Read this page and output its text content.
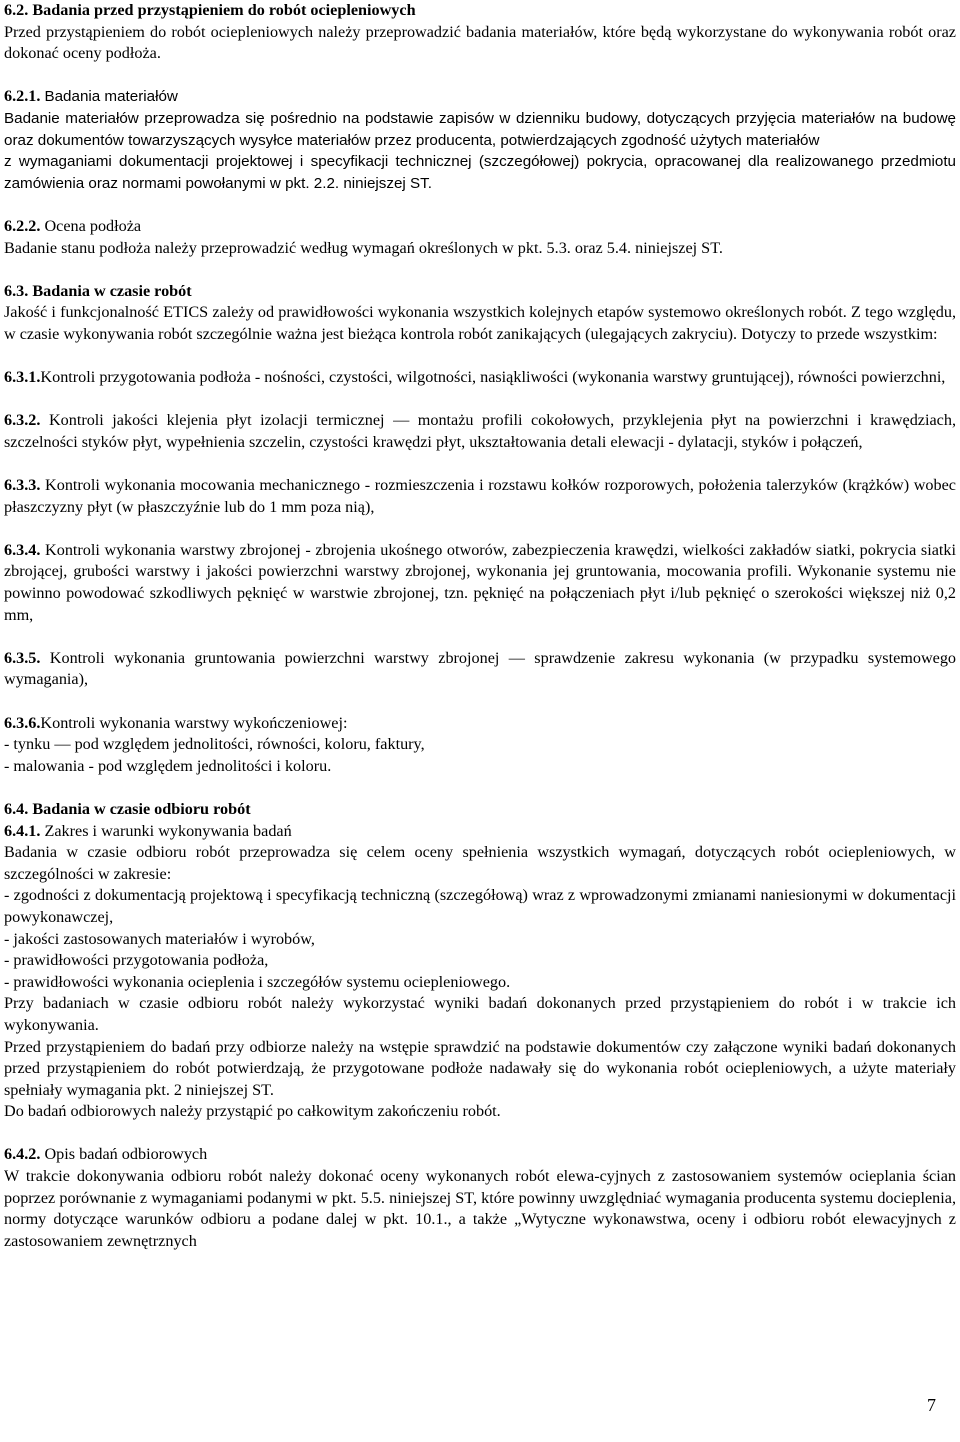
6.2. Badania przed przystąpieniem do robót ociepleniowych

Przed przystąpieniem do robót ociepleniowych należy przeprowadzić badania materiałów, które będą wykorzystane do wykonywania robót oraz dokonać oceny podłoża.

6.2.1. Badania materiałów

Badanie materiałów przeprowadza się pośrednio na podstawie zapisów w dzienniku budowy, dotyczących przyjęcia materiałów na budowę oraz dokumentów towarzyszących wysyłce materiałów przez producenta, potwierdzających zgodność użytych materiałów

z wymaganiami dokumentacji projektowej i specyfikacji technicznej (szczegółowej) pokrycia, opracowanej dla realizowanego przedmiotu zamówienia oraz normami powołanymi w pkt. 2.2. niniejszej ST.

6.2.2. Ocena podłoża

Badanie stanu podłoża należy przeprowadzić według wymagań określonych w pkt. 5.3. oraz 5.4. niniejszej ST.

6.3. Badania w czasie robót

Jakość i funkcjonalność ETICS zależy od prawidłowości wykonania wszystkich kolejnych etapów systemowo określonych robót. Z tego względu, w czasie wykonywania robót szczególnie ważna jest bieżąca kontrola robót zanikających (ulegających zakryciu). Dotyczy to przede wszystkim:

6.3.1.Kontroli przygotowania podłoża - nośności, czystości, wilgotności, nasiąkliwości (wykonania warstwy gruntującej), równości powierzchni,

6.3.2. Kontroli jakości klejenia płyt izolacji termicznej — montażu profili cokołowych, przyklejenia płyt na powierzchni i krawędziach, szczelności styków płyt, wypełnienia szczelin, czystości krawędzi płyt, ukształtowania detali elewacji - dylatacji, styków i połączeń,

6.3.3. Kontroli wykonania mocowania mechanicznego - rozmieszczenia i rozstawu kołków rozporowych, położenia talerzyków (krążków) wobec płaszczyzny płyt (w płaszczyźnie lub do 1 mm poza nią),

6.3.4. Kontroli wykonania warstwy zbrojonej - zbrojenia ukośnego otworów, zabezpieczenia krawędzi, wielkości zakładów siatki, pokrycia siatki zbrojącej, grubości warstwy i jakości powierzchni warstwy zbrojonej, wykonania jej gruntowania, mocowania profili. Wykonanie systemu nie powinno powodować szkodliwych pęknięć w warstwie zbrojonej, tzn. pęknięć na połączeniach płyt i/lub pęknięć o szerokości większej niż 0,2 mm,

6.3.5. Kontroli wykonania gruntowania powierzchni warstwy zbrojonej — sprawdzenie zakresu wykonania (w przypadku systemowego wymagania),

6.3.6.Kontroli wykonania warstwy wykończeniowej:

- tynku — pod względem jednolitości, równości, koloru, faktury,

- malowania - pod względem jednolitości i koloru.

6.4. Badania w czasie odbioru robót

6.4.1. Zakres i warunki wykonywania badań

Badania w czasie odbioru robót przeprowadza się celem oceny spełnienia wszystkich wymagań, dotyczących robót ociepleniowych, w szczególności w zakresie:

- zgodności z dokumentacją projektową i specyfikacją techniczną (szczegółową) wraz z wprowadzonymi zmianami naniesionymi w dokumentacji powykonawczej,

- jakości zastosowanych materiałów i wyrobów,

- prawidłowości przygotowania podłoża,

- prawidłowości wykonania ocieplenia i szczegółów systemu ociepleniowego.

Przy badaniach w czasie odbioru robót należy wykorzystać wyniki badań dokonanych przed przystąpieniem do robót i w trakcie ich wykonywania.

Przed przystąpieniem do badań przy odbiorze należy na wstępie sprawdzić na podstawie dokumentów czy załączone wyniki badań dokonanych przed przystąpieniem do robót potwierdzają, że przygotowane podłoże nadawały się do wykonania robót ociepleniowych, a użyte materiały spełniały wymagania pkt. 2 niniejszej ST.

Do badań odbiorowych należy przystąpić po całkowitym zakończeniu robót.

6.4.2. Opis badań odbiorowych

W trakcie dokonywania odbioru robót należy dokonać oceny wykonanych robót elewa-cyjnych z zastosowaniem systemów ocieplania ścian poprzez porównanie z wymaganiami podanymi w pkt. 5.5. niniejszej ST, które powinny uwzględniać wymagania producenta systemu docieplenia, normy dotyczące warunków odbioru a podane dalej w pkt. 10.1., a także „Wytyczne wykonawstwa, oceny i odbioru robót elewacyjnych z zastosowaniem zewnętrznych

7
